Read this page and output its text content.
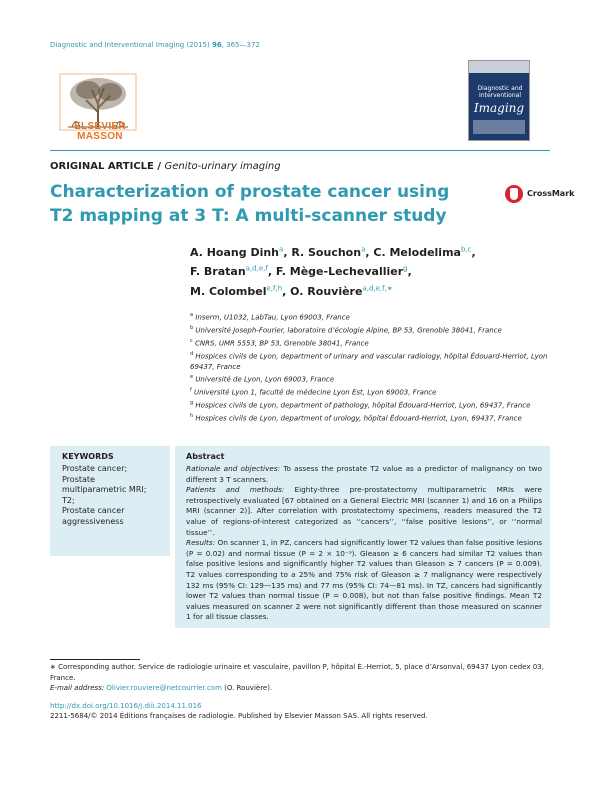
Diagnostic and Interventional Imaging (2015) 96, 365—372
ELSEVIER
MASSON
Diagnostic and Interventional
Imaging
ORIGINAL ARTICLE / Genito-urinary imaging
Characterization of prostate cancer using T2 mapping at 3 T: A multi-scanner study
CrossMark
A. Hoang Dinh$^a$, R. Souchon$^a$, C. Melodelima$^{b,c}$,
F. Bratan$^{a,d,e,f}$, F. Mège-Lechevallier$^g$,
M. Colombel$^{e,f,h}$, O. Rouvière$^{a,d,e,f,∗}$
$^a$ Inserm, U1032, LabTau, Lyon 69003, France
$^b$ Université Joseph-Fourier, laboratoire d’écologie Alpine, BP 53, Grenoble 38041, France
$^c$ CNRS, UMR 5553, BP 53, Grenoble 38041, France
$^d$ Hospices civils de Lyon, department of urinary and vascular radiology, hôpital Édouard-Herriot, Lyon 69437, France
$^e$ Université de Lyon, Lyon 69003, France
$^f$ Université Lyon 1, faculté de médecine Lyon Est, Lyon 69003, France
$^g$ Hospices civils de Lyon, department of pathology, hôpital Édouard-Herriot, Lyon, 69437, France
$^h$ Hospices civils de Lyon, department of urology, hôpital Édouard-Herriot, Lyon, 69437, France
KEYWORDS
Prostate cancer;
Prostate multiparametric MRI;
T2;
Prostate cancer aggressiveness
Abstract

Rationale and objectives: To assess the prostate T2 value as a predictor of malignancy on two different 3 T scanners.

Patients and methods: Eighty-three pre-prostatectomy multiparametric MRIs were retrospectively evaluated [67 obtained on a General Electric MRI (scanner 1) and 16 on a Philips MRI (scanner 2)]. After correlation with prostatectomy specimens, readers measured the T2 value of regions-of-interest categorized as ‘‘cancers’’, ‘‘false positive lesions’’, or ‘‘normal tissue’’.

Results: On scanner 1, in PZ, cancers had significantly lower T2 values than false positive lesions (P = 0.02) and normal tissue (P = 2 × 10⁻⁹). Gleason ≥ 6 cancers had similar T2 values than false positive lesions and significantly higher T2 values than Gleason ≥ 7 cancers (P = 0.009). T2 values corresponding to a 25% and 75% risk of Gleason ≥ 7 malignancy were respectively 132 ms (95% CI: 129—135 ms) and 77 ms (95% CI: 74—81 ms). In TZ, cancers had significantly lower T2 values than normal tissue (P = 0.008), but not than false positive findings. Mean T2 values measured on scanner 2 were not significantly different than those measured on scanner 1 for all tissue classes.

∗ Corresponding author. Service de radiologie urinaire et vasculaire, pavillon P, hôpital É.-Herriot, 5, place d’Arsonval, 69437 Lyon cedex 03, France.
E-mail address: Olivier.rouviere@netcourrier.com (O. Rouvière).
http://dx.doi.org/10.1016/j.diii.2014.11.016
2211-5684/© 2014 Éditions françaises de radiologie. Published by Elsevier Masson SAS. All rights reserved.
